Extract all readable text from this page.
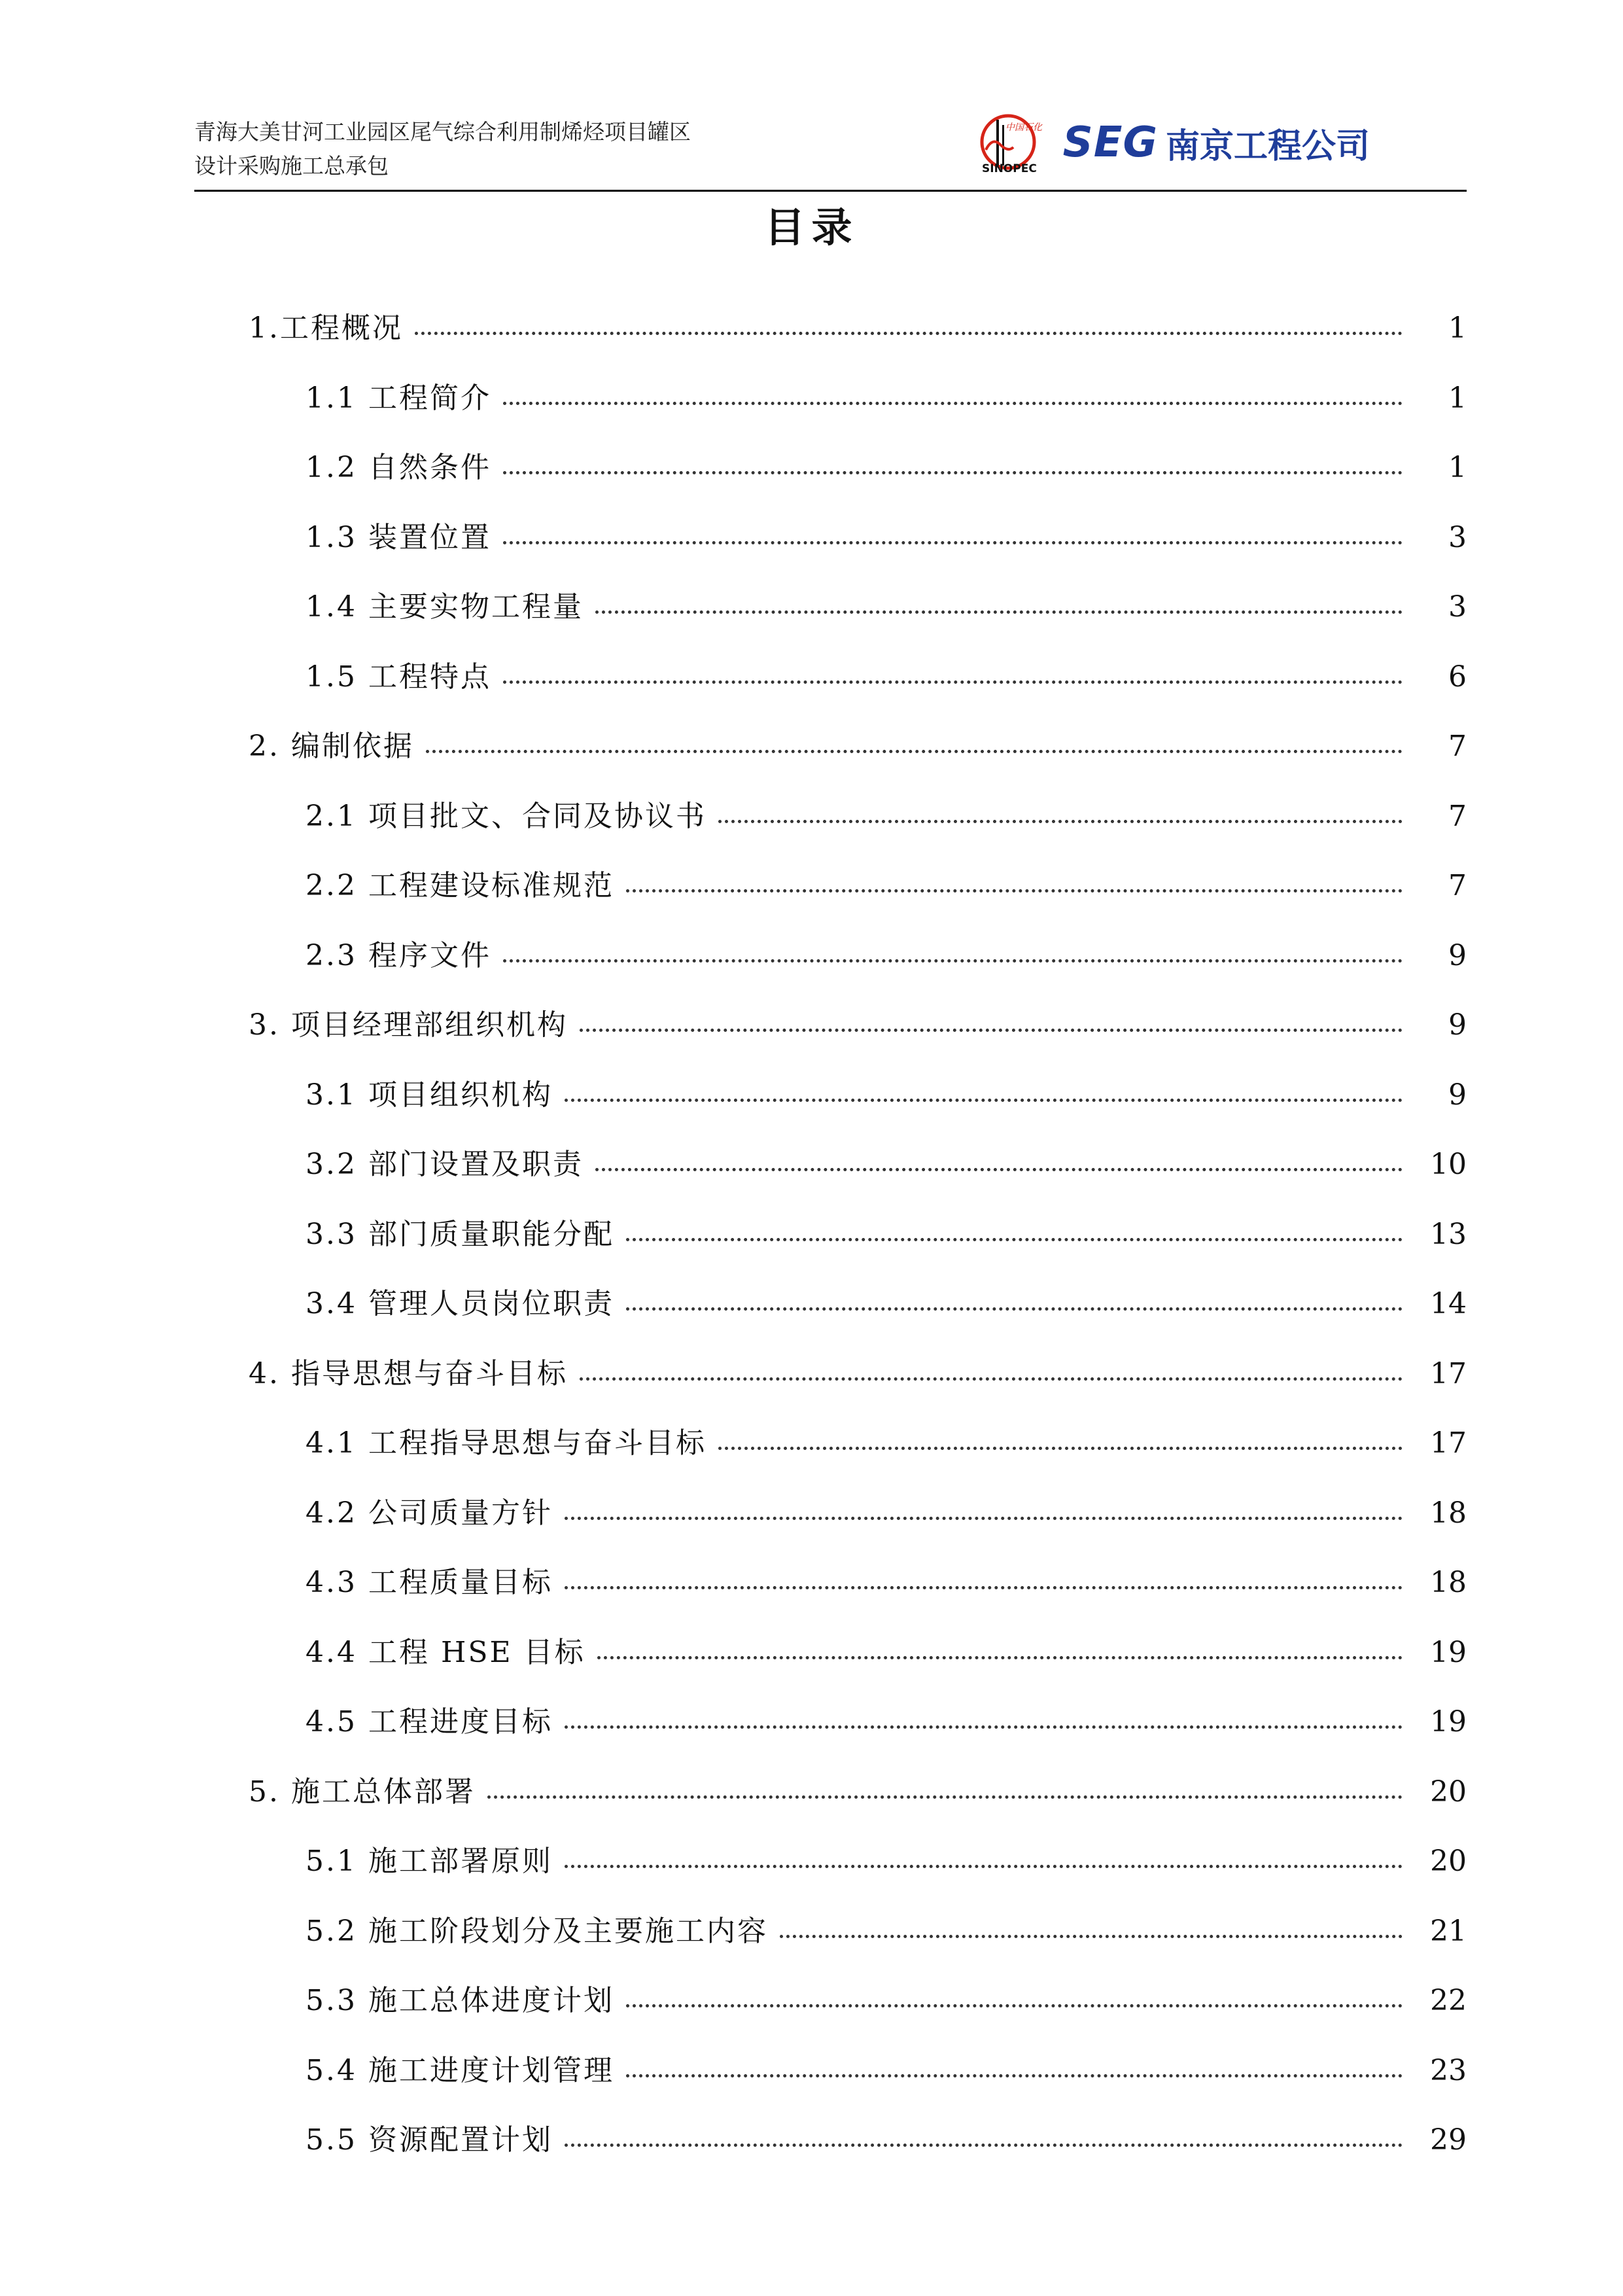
青海大美甘河工业园区尾气综合利用制烯烃项目罐区
设计采购施工总承包
中国石化
SINOPEC
SEG 南京工程公司
目录
1.工程概况	1
1.1 工程简介	1
1.2 自然条件	1
1.3 装置位置	3
1.4 主要实物工程量	3
1.5 工程特点	6
2. 编制依据	7
2.1 项目批文、合同及协议书	7
2.2 工程建设标准规范	7
2.3 程序文件	9
3. 项目经理部组织机构	9
3.1 项目组织机构	9
3.2 部门设置及职责	10
3.3 部门质量职能分配	13
3.4 管理人员岗位职责	14
4. 指导思想与奋斗目标	17
4.1 工程指导思想与奋斗目标	17
4.2 公司质量方针	18
4.3 工程质量目标	18
4.4 工程 HSE 目标	19
4.5 工程进度目标	19
5. 施工总体部署	20
5.1 施工部署原则	20
5.2 施工阶段划分及主要施工内容	21
5.3 施工总体进度计划	22
5.4 施工进度计划管理	23
5.5 资源配置计划	29
